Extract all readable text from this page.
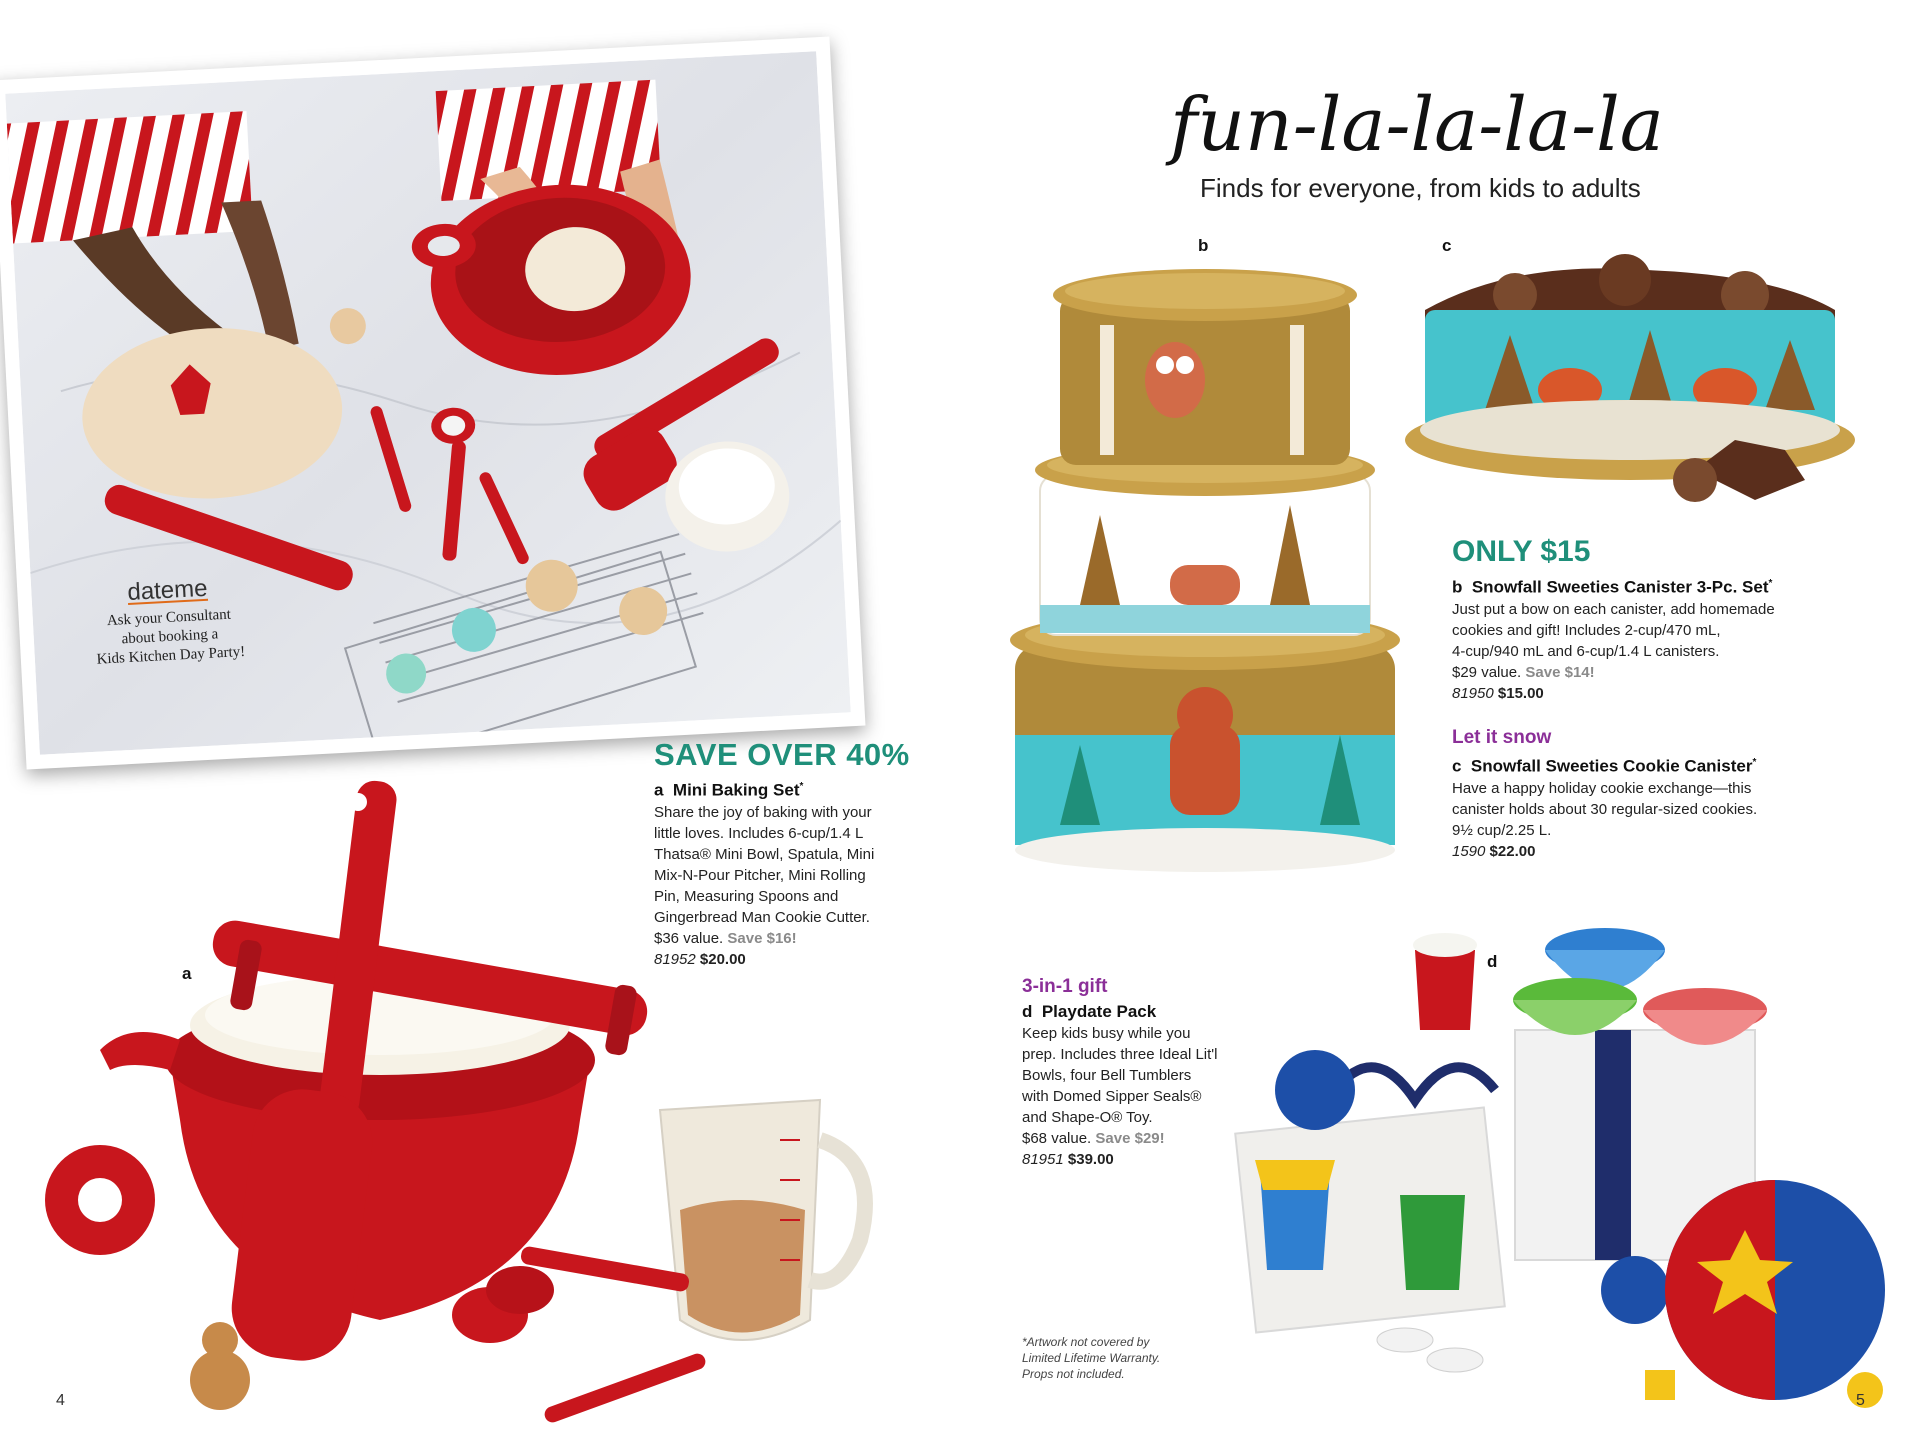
dateme
Ask your Consultant
about booking a
Kids Kitchen Day Party!
a
SAVE OVER 40%
a Mini Baking Set*
Share the joy of baking with your
little loves. Includes 6-cup/1.4 L
Thatsa® Mini Bowl, Spatula, Mini
Mix-N-Pour Pitcher, Mini Rolling
Pin, Measuring Spoons and
Gingerbread Man Cookie Cutter.
$36 value. Save $16!
81952 $20.00
4
fun-la-la-la-la
Finds for everyone, from kids to adults
b	c
d
ONLY $15
b Snowfall Sweeties Canister 3-Pc. Set*
Just put a bow on each canister, add homemade
cookies and gift! Includes 2-cup/470 mL,
4-cup/940 mL and 6-cup/1.4 L canisters.
$29 value. Save $14!
81950 $15.00
Let it snow
c Snowfall Sweeties Cookie Canister*
Have a happy holiday cookie exchange—this
canister holds about 30 regular-sized cookies.
9½ cup/2.25 L.
1590 $22.00
3-in-1 gift
d Playdate Pack
Keep kids busy while you
prep. Includes three Ideal Lit'l
Bowls, four Bell Tumblers
with Domed Sipper Seals®
and Shape-O® Toy.
$68 value. Save $29!
81951 $39.00
*Artwork not covered by
Limited Lifetime Warranty.
Props not included.
5
